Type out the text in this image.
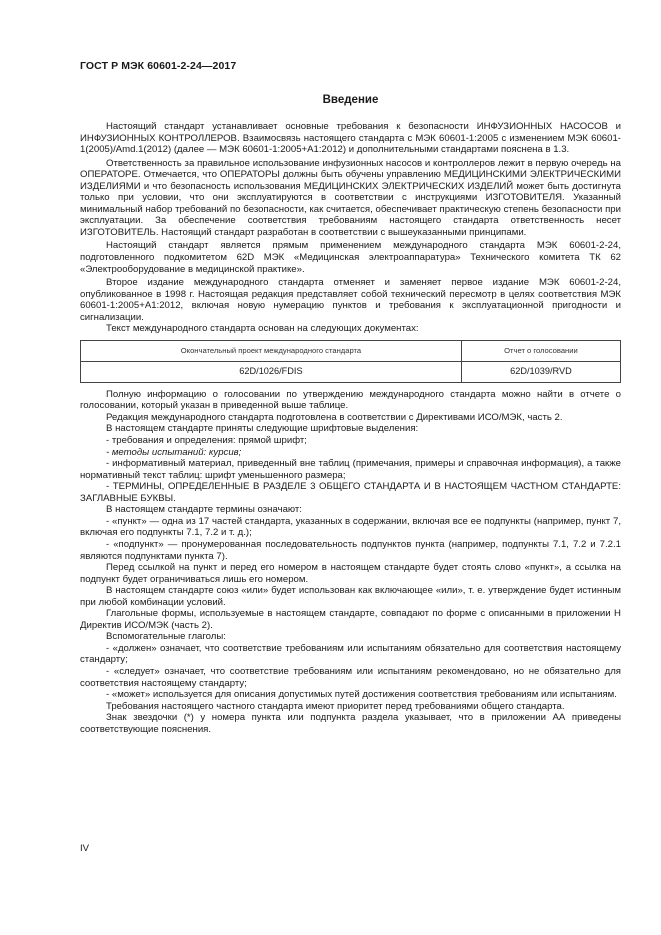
ГОСТ Р МЭК 60601-2-24—2017
Введение

Настоящий стандарт устанавливает основные требования к безопасности ИНФУЗИОННЫХ НАСОСОВ и ИНФУЗИОННЫХ КОНТРОЛЛЕРОВ. Взаимосвязь настоящего стандарта с МЭК 60601-1:2005 с изменением МЭК 60601-1(2005)/Amd.1(2012) (далее — МЭК 60601-1:2005+A1:2012) и дополнительными стандартами пояснена в 1.3.

Ответственность за правильное использование инфузионных насосов и контроллеров лежит в первую очередь на ОПЕРАТОРЕ. Отмечается, что ОПЕРАТОРЫ должны быть обучены управлению МЕДИЦИНСКИМИ ЭЛЕКТРИЧЕСКИМИ ИЗДЕЛИЯМИ и что безопасность использования МЕДИЦИНСКИХ ЭЛЕКТРИЧЕСКИХ ИЗДЕЛИЙ может быть достигнута только при условии, что они эксплуатируются в соответствии с инструкциями ИЗГОТОВИТЕЛЯ. Указанный минимальный набор требований по безопасности, как считается, обеспечивает практическую степень безопасности при эксплуатации. За обеспечение соответствия требованиям настоящего стандарта ответственность несет ИЗГОТОВИТЕЛЬ. Настоящий стандарт разработан в соответствии с вышеуказанными принципами.

Настоящий стандарт является прямым применением международного стандарта МЭК 60601-2-24, подготовленного подкомитетом 62D МЭК «Медицинская электроаппаратура» Технического комитета ТК 62 «Электрооборудование в медицинской практике».

Второе издание международного стандарта отменяет и заменяет первое издание МЭК 60601-2-24, опубликованное в 1998 г. Настоящая редакция представляет собой технический пересмотр в целях соответствия МЭК 60601-1:2005+A1:2012, включая новую нумерацию пунктов и требования к эксплуатационной пригодности и сигнализации.

Текст международного стандарта основан на следующих документах:

Окончательный проект международного стандарта	Отчет о голосовании
62D/1026/FDIS	62D/1039/RVD

Полную информацию о голосовании по утверждению международного стандарта можно найти в отчете о голосовании, который указан в приведенной выше таблице.

Редакция международного стандарта подготовлена в соответствии с Директивами ИСО/МЭК, часть 2.

В настоящем стандарте приняты следующие шрифтовые выделения:

- требования и определения: прямой шрифт;

- методы испытаний: курсив;

- информативный материал, приведенный вне таблиц (примечания, примеры и справочная информация), а также нормативный текст таблиц: шрифт уменьшенного размера;

- ТЕРМИНЫ, ОПРЕДЕЛЕННЫЕ В РАЗДЕЛЕ 3 ОБЩЕГО СТАНДАРТА И В НАСТОЯЩЕМ ЧАСТНОМ СТАНДАРТЕ: ЗАГЛАВНЫЕ БУКВЫ.

В настоящем стандарте термины означают:

- «пункт» — одна из 17 частей стандарта, указанных в содержании, включая все ее подпункты (например, пункт 7, включая его подпункты 7.1, 7.2 и т. д.);

- «подпункт» — пронумерованная последовательность подпунктов пункта (например, подпункты 7.1, 7.2 и 7.2.1 являются подпунктами пункта 7).

Перед ссылкой на пункт и перед его номером в настоящем стандарте будет стоять слово «пункт», а ссылка на подпункт будет ограничиваться лишь его номером.

В настоящем стандарте союз «или» будет использован как включающее «или», т. е. утверждение будет истинным при любой комбинации условий.

Глагольные формы, используемые в настоящем стандарте, совпадают по форме с описанными в приложении Н Директив ИСО/МЭК (часть 2).

Вспомогательные глаголы:

- «должен» означает, что соответствие требованиям или испытаниям обязательно для соответствия настоящему стандарту;

- «следует» означает, что соответствие требованиям или испытаниям рекомендовано, но не обязательно для соответствия настоящему стандарту;

- «может» используется для описания допустимых путей достижения соответствия требованиям или испытаниям.

Требования настоящего частного стандарта имеют приоритет перед требованиями общего стандарта.

Знак звездочки (*) у номера пункта или подпункта раздела указывает, что в приложении АА приведены соответствующие пояснения.

IV
